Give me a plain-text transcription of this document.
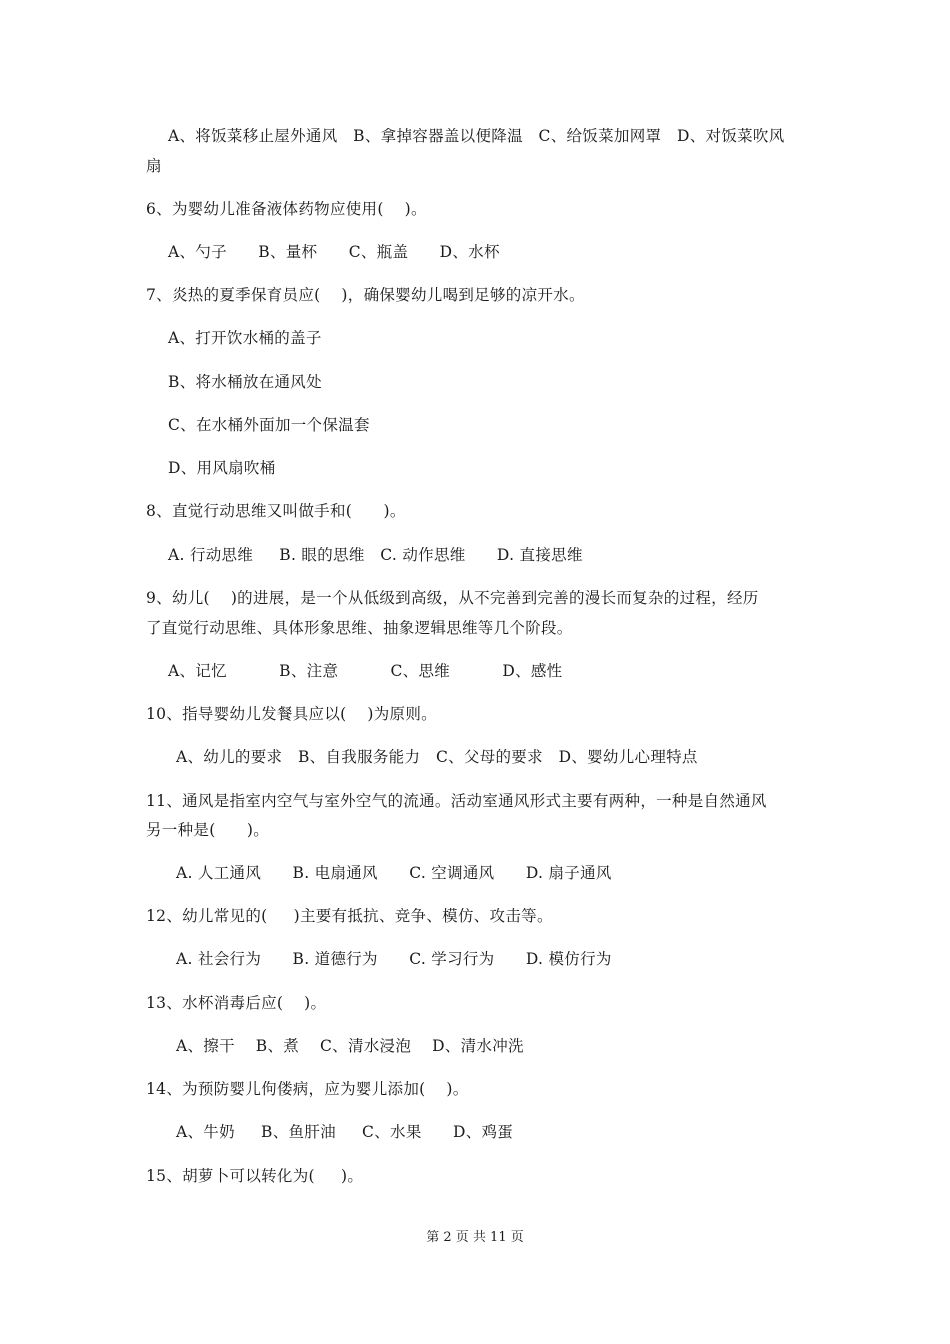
A、将饭菜移止屋外通风   B、拿掉容器盖以便降温   C、给饭菜加网罩   D、对饭菜吹风
扇
6、为婴幼儿准备液体药物应使用(    )。
A、勺子      B、量杯      C、瓶盖      D、水杯
7、炎热的夏季保育员应(    )，确保婴幼儿喝到足够的凉开水。
A、打开饮水桶的盖子
B、将水桶放在通风处
C、在水桶外面加一个保温套
D、用风扇吹桶
8、直觉行动思维又叫做手和(      )。
A. 行动思维     B. 眼的思维   C. 动作思维      D. 直接思维
9、幼儿(    )的进展，是一个从低级到高级，从不完善到完善的漫长而复杂的过程，经历
了直觉行动思维、具体形象思维、抽象逻辑思维等几个阶段。
A、记忆          B、注意          C、思维          D、感性
10、指导婴幼儿发餐具应以(    )为原则。
A、幼儿的要求   B、自我服务能力   C、父母的要求   D、婴幼儿心理特点
11、通风是指室内空气与室外空气的流通。活动室通风形式主要有两种，一种是自然通风
另一种是(      )。
A. 人工通风      B. 电扇通风      C. 空调通风      D. 扇子通风
12、幼儿常见的(     )主要有抵抗、竞争、模仿、攻击等。
A. 社会行为      B. 道德行为      C. 学习行为      D. 模仿行为
13、水杯消毒后应(    )。
A、擦干    B、煮    C、清水浸泡    D、清水冲洗
14、为预防婴儿佝偻病，应为婴儿添加(    )。
A、牛奶     B、鱼肝油     C、水果      D、鸡蛋
15、胡萝卜可以转化为(     )。
第 2 页 共 11 页
